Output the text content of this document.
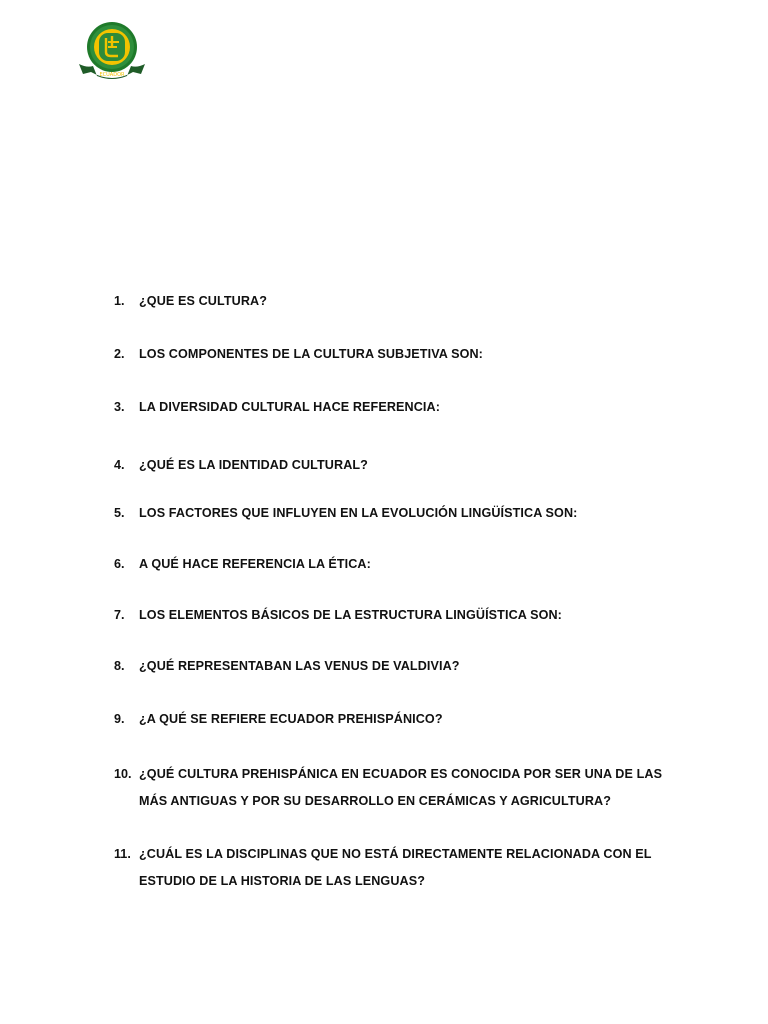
ECUADOR
1.	¿QUE ES CULTURA?
2.	LOS COMPONENTES DE LA CULTURA SUBJETIVA SON:
3.	LA DIVERSIDAD CULTURAL HACE REFERENCIA:
4.	¿QUÉ ES LA IDENTIDAD CULTURAL?
5.	LOS FACTORES QUE INFLUYEN EN LA EVOLUCIÓN LINGÜÍSTICA SON:
6.	A QUÉ HACE REFERENCIA LA ÉTICA:
7.	LOS ELEMENTOS BÁSICOS DE LA ESTRUCTURA LINGÜÍSTICA SON:
8.	¿QUÉ REPRESENTABAN LAS VENUS DE VALDIVIA?
9.	¿A QUÉ SE REFIERE ECUADOR PREHISPÁNICO?
10. ¿QUÉ CULTURA PREHISPÁNICA EN ECUADOR ES CONOCIDA POR SER UNA DE LAS MÁS ANTIGUAS Y POR SU DESARROLLO EN CERÁMICAS Y AGRICULTURA?
11. ¿CUÁL ES LA DISCIPLINAS QUE NO ESTÁ DIRECTAMENTE RELACIONADA CON EL ESTUDIO DE LA HISTORIA DE LAS LENGUAS?
